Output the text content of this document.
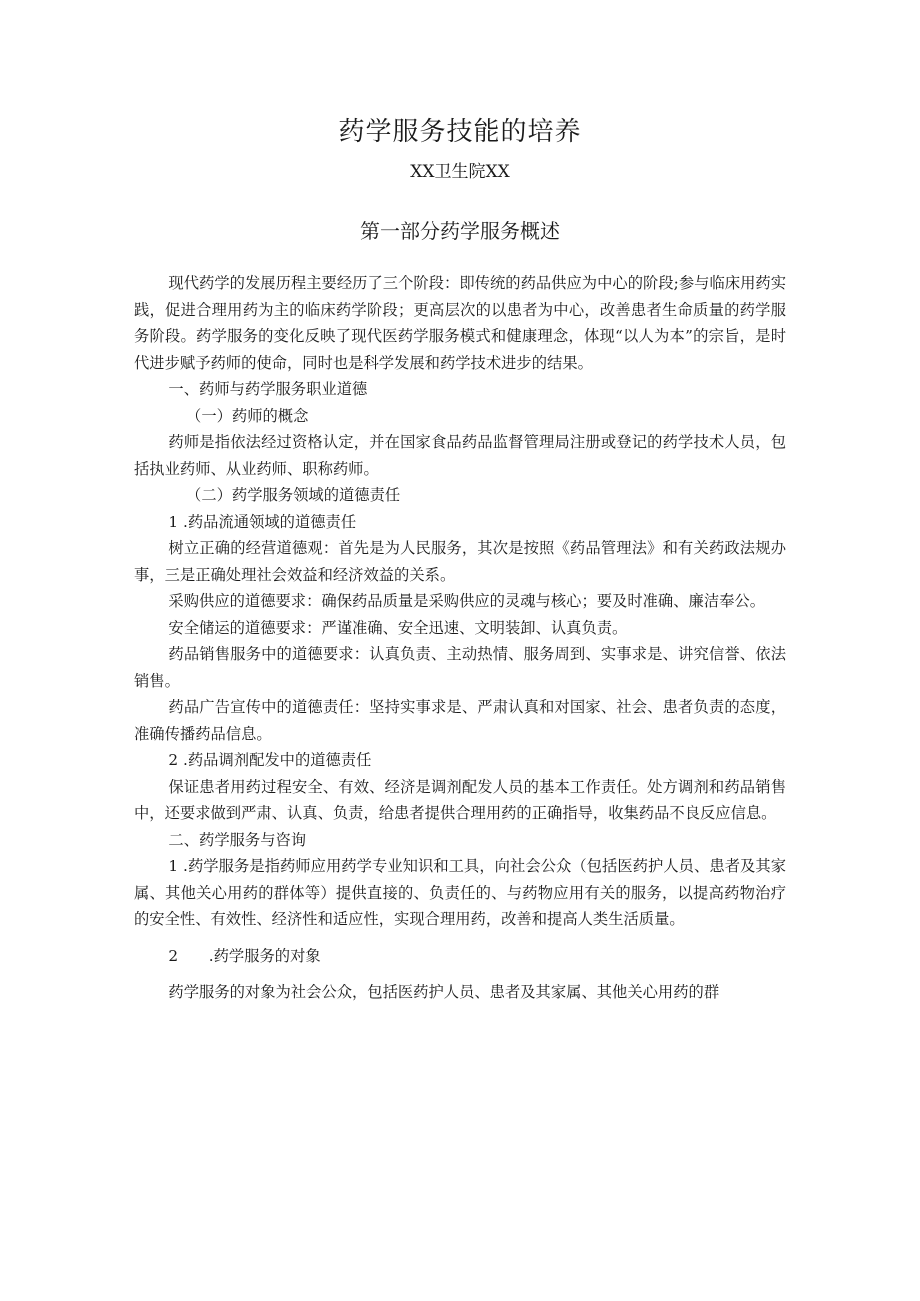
药学服务技能的培养
XX卫生院XX
第一部分药学服务概述

现代药学的发展历程主要经历了三个阶段：即传统的药品供应为中心的阶段;参与临床用药实践，促进合理用药为主的临床药学阶段；更高层次的以患者为中心，改善患者生命质量的药学服务阶段。药学服务的变化反映了现代医药学服务模式和健康理念，体现“以人为本”的宗旨，是时代进步赋予药师的使命，同时也是科学发展和药学技术进步的结果。

一、药师与药学服务职业道德

（一）药师的概念

药师是指依法经过资格认定，并在国家食品药品监督管理局注册或登记的药学技术人员，包括执业药师、从业药师、职称药师。

（二）药学服务领域的道德责任

1 .药品流通领域的道德责任

树立正确的经营道德观：首先是为人民服务，其次是按照《药品管理法》和有关药政法规办事，三是正确处理社会效益和经济效益的关系。

采购供应的道德要求：确保药品质量是采购供应的灵魂与核心；要及时准确、廉洁奉公。

安全储运的道德要求：严谨准确、安全迅速、文明装卸、认真负责。

药品销售服务中的道德要求：认真负责、主动热情、服务周到、实事求是、讲究信誉、依法销售。

药品广告宣传中的道德责任：坚持实事求是、严肃认真和对国家、社会、患者负责的态度，准确传播药品信息。

2 .药品调剂配发中的道德责任

保证患者用药过程安全、有效、经济是调剂配发人员的基本工作责任。处方调剂和药品销售中，还要求做到严肃、认真、负责，给患者提供合理用药的正确指导，收集药品不良反应信息。

二、药学服务与咨询

1 .药学服务是指药师应用药学专业知识和工具，向社会公众（包括医药护人员、患者及其家属、其他关心用药的群体等）提供直接的、负责任的、与药物应用有关的服务，以提高药物治疗的安全性、有效性、经济性和适应性，实现合理用药，改善和提高人类生活质量。

2　　.药学服务的对象

药学服务的对象为社会公众，包括医药护人员、患者及其家属、其他关心用药的群
